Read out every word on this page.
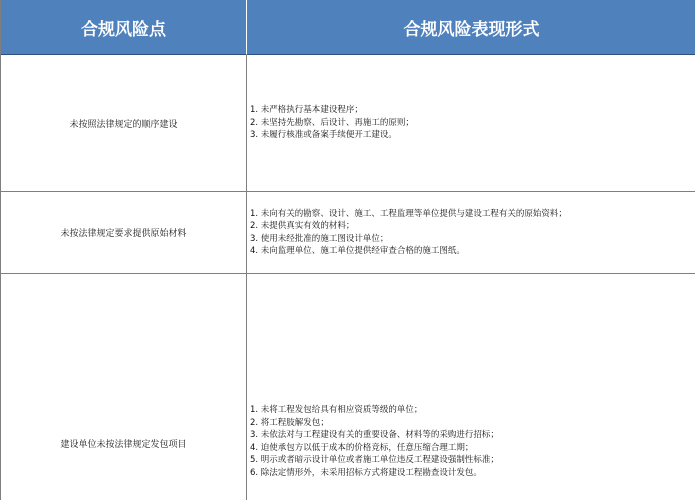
合规风险点	合规风险表现形式
未按照法律规定的顺序建设
1. 未严格执行基本建设程序；
2. 未坚持先勘察、后设计、再施工的原则；
3. 未履行核准或备案手续便开工建设。
未按法律规定要求提供原始材料
1. 未向有关的勘察、设计、施工、工程监理等单位提供与建设工程有关的原始资料；
2. 未提供真实有效的材料；
3. 使用未经批准的施工图设计单位；
4. 未向监理单位、施工单位提供经审查合格的施工图纸。
建设单位未按法律规定发包项目
1. 未将工程发包给具有相应资质等级的单位；
2. 将工程肢解发包；
3. 未依法对与工程建设有关的重要设备、材料等的采购进行招标；
4. 迫使承包方以低于成本的价格竞标，任意压缩合理工期；
5. 明示或者暗示设计单位或者施工单位违反工程建设强制性标准；
6. 除法定情形外，未采用招标方式将建设工程勘查设计发包。
